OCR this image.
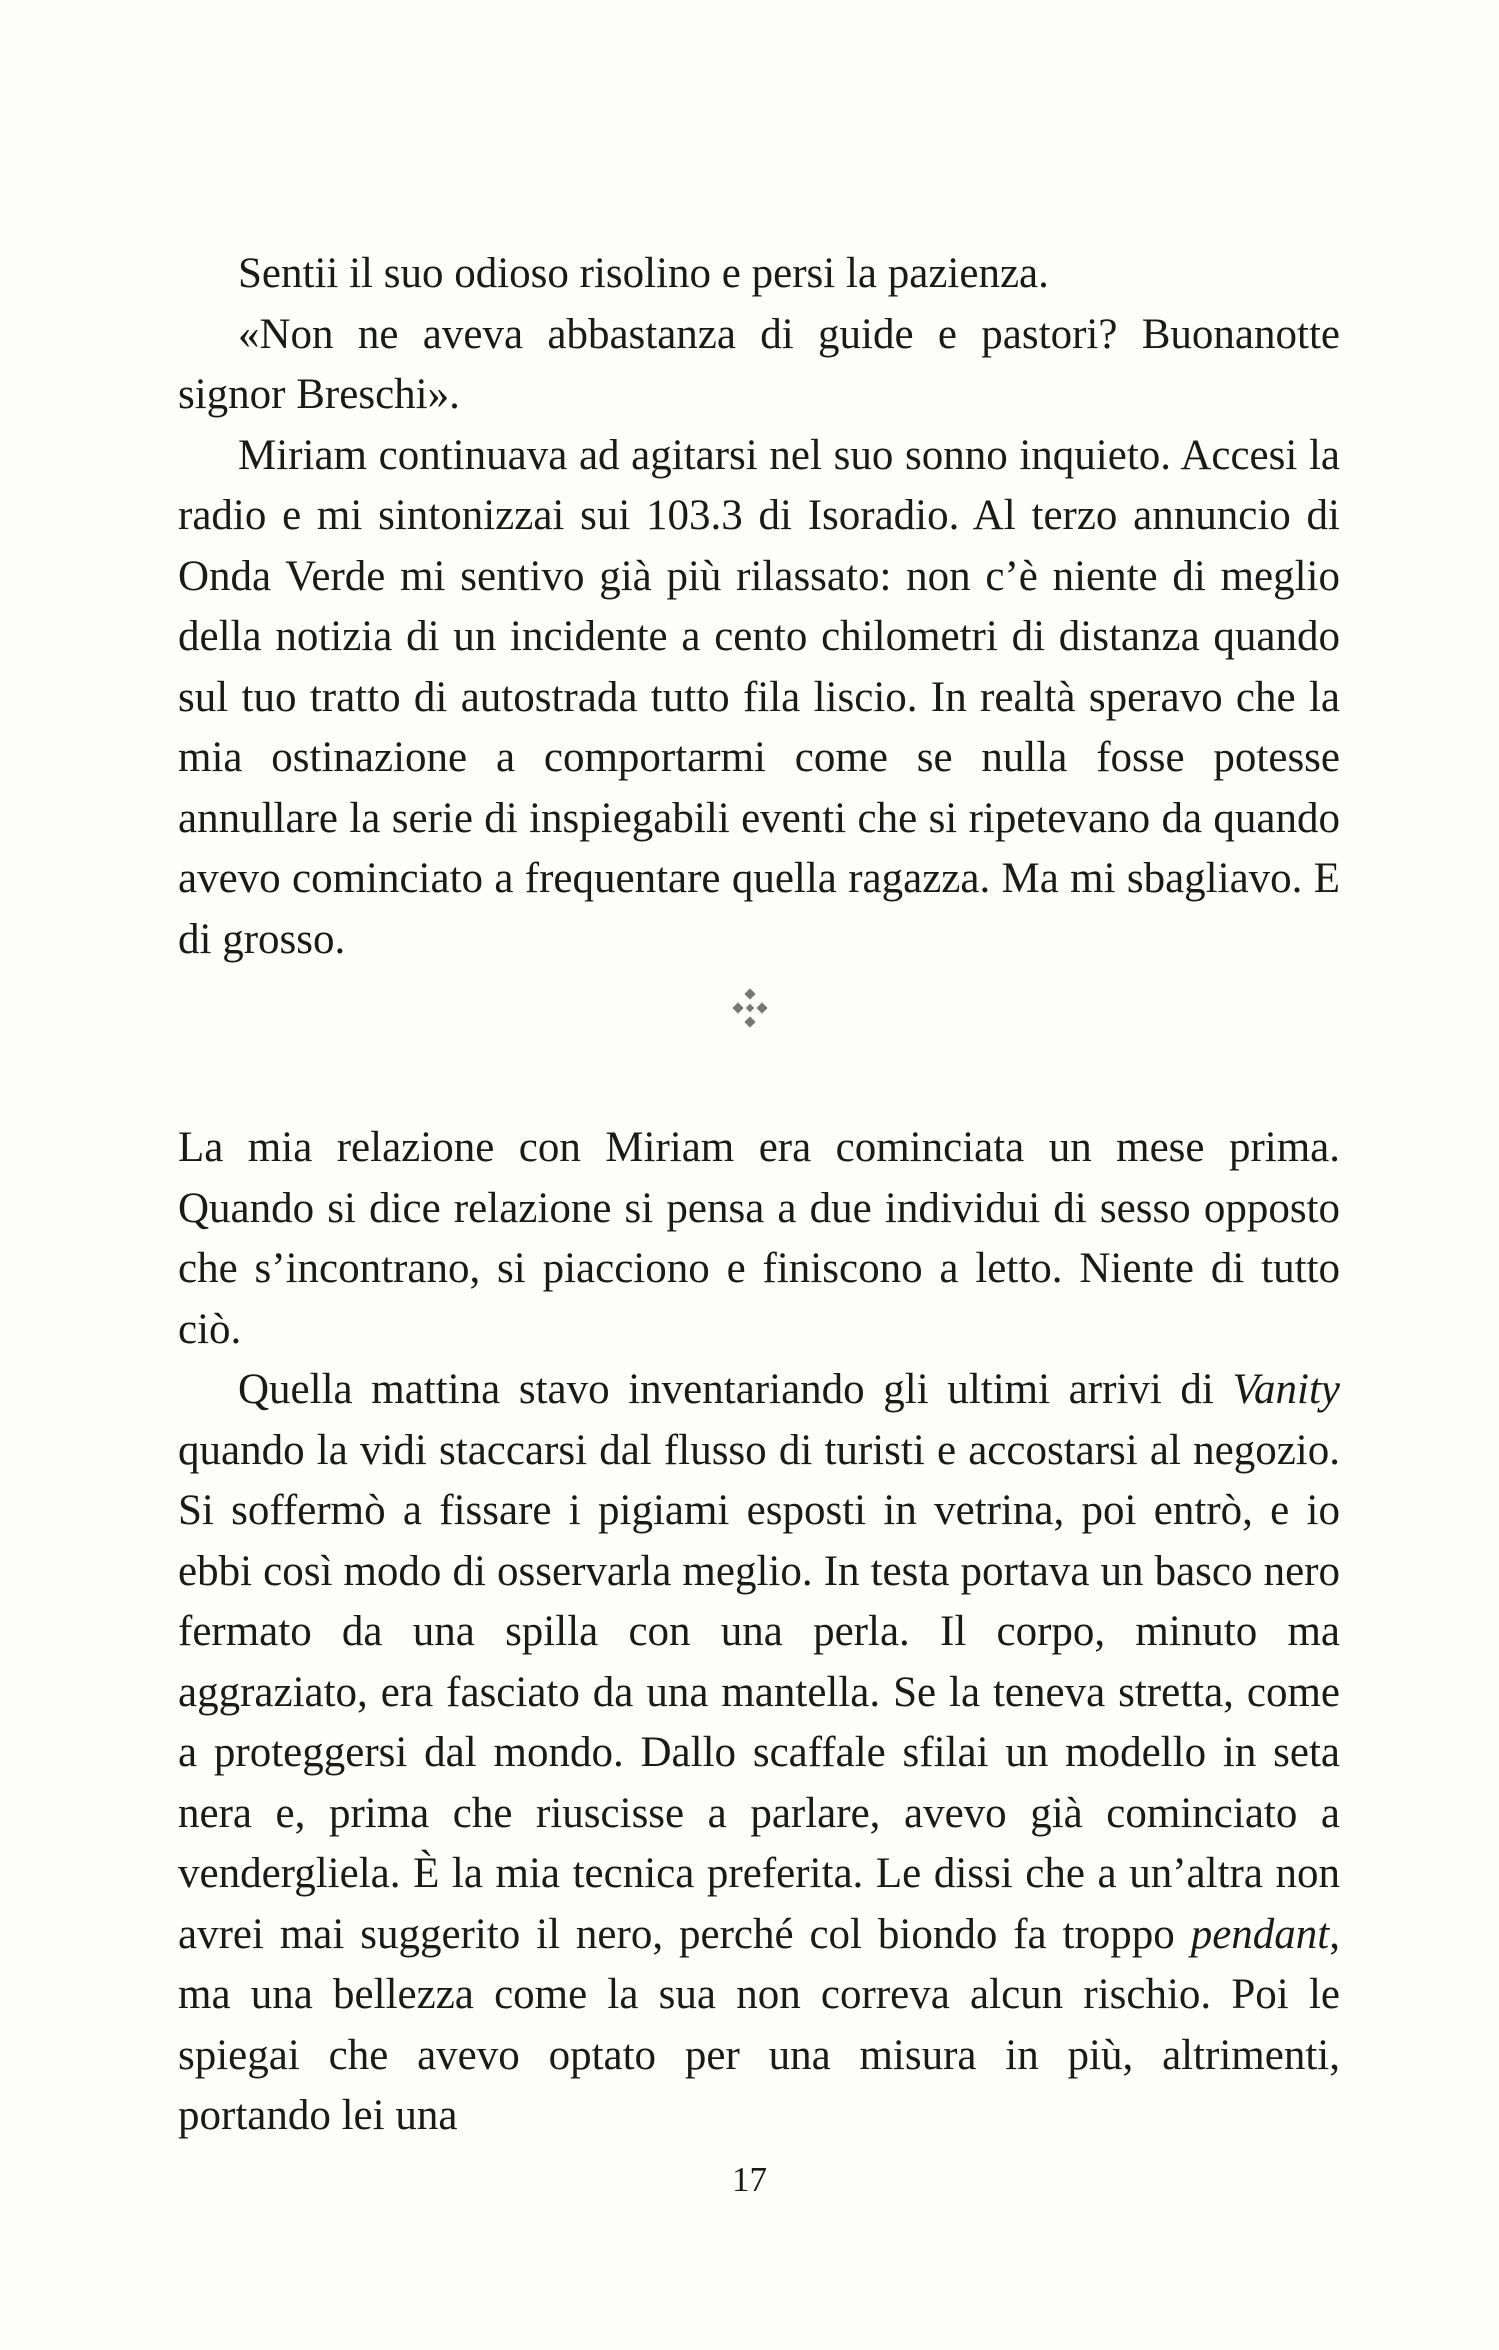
Sentii il suo odioso risolino e persi la pazienza.

«Non ne aveva abbastanza di guide e pastori? Buonanotte signor Breschi».

Miriam continuava ad agitarsi nel suo sonno inquieto. Accesi la radio e mi sintonizzai sui 103.3 di Isoradio. Al terzo annuncio di Onda Verde mi sentivo già più rilassato: non c’è niente di meglio della notizia di un incidente a cento chilometri di distanza quando sul tuo tratto di autostrada tutto fila liscio. In realtà speravo che la mia ostinazione a comportarmi come se nulla fosse potesse annullare la serie di inspiegabili eventi che si ripetevano da quando avevo cominciato a frequentare quella ragazza. Ma mi sbagliavo. E di grosso.

La mia relazione con Miriam era cominciata un mese prima. Quando si dice relazione si pensa a due individui di sesso opposto che s’incontrano, si piacciono e finiscono a letto. Niente di tutto ciò.

Quella mattina stavo inventariando gli ultimi arrivi di Vanity quando la vidi staccarsi dal flusso di turisti e accostarsi al negozio. Si soffermò a fissare i pigiami esposti in vetrina, poi entrò, e io ebbi così modo di osservarla meglio. In testa portava un basco nero fermato da una spilla con una perla. Il corpo, minuto ma aggraziato, era fasciato da una mantella. Se la teneva stretta, come a proteggersi dal mondo. Dallo scaffale sfilai un modello in seta nera e, prima che riuscisse a parlare, avevo già cominciato a vendergliela. È la mia tecnica preferita. Le dissi che a un’altra non avrei mai suggerito il nero, perché col biondo fa troppo pendant, ma una bellezza come la sua non correva alcun rischio. Poi le spiegai che avevo optato per una misura in più, altrimenti, portando lei una

17
